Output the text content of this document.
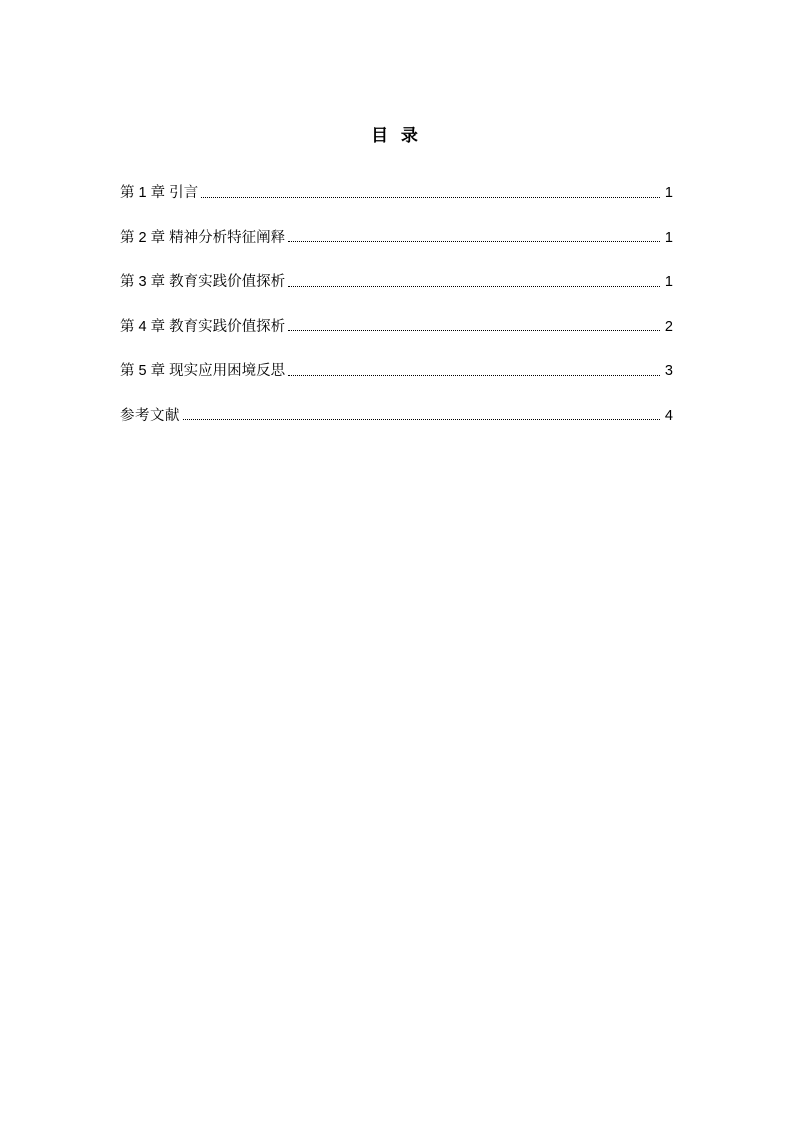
目 录
第 1 章 引言	1
第 2 章 精神分析特征阐释	1
第 3 章 教育实践价值探析	1
第 4 章 教育实践价值探析	2
第 5 章 现实应用困境反思	3
参考文献	4
